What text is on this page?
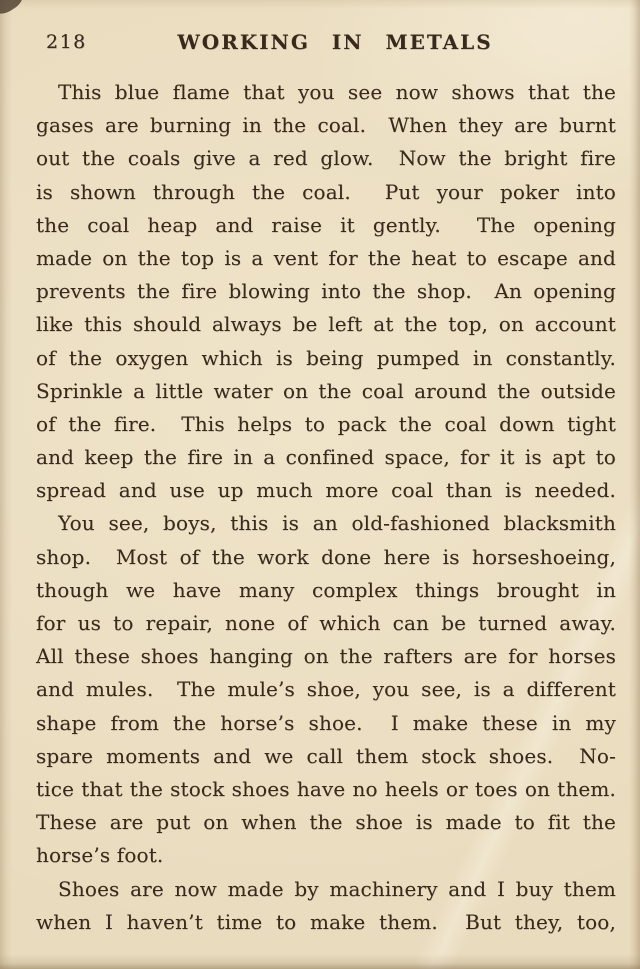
218	WORKING IN METALS
This blue flame that you see now shows that the
gases are burning in the coal.  When they are burnt
out the coals give a red glow.  Now the bright fire
is shown through the coal.  Put your poker into
the coal heap and raise it gently.  The opening
made on the top is a vent for the heat to escape and
prevents the fire blowing into the shop.  An opening
like this should always be left at the top, on account
of the oxygen which is being pumped in constantly.
Sprinkle a little water on the coal around the outside
of the fire.  This helps to pack the coal down tight
and keep the fire in a confined space, for it is apt to
spread and use up much more coal than is needed.
You see, boys, this is an old-fashioned blacksmith
shop.  Most of the work done here is horseshoeing,
though we have many complex things brought in
for us to repair, none of which can be turned away.
All these shoes hanging on the rafters are for horses
and mules.  The mule’s shoe, you see, is a different
shape from the horse’s shoe.  I make these in my
spare moments and we call them stock shoes.  No-
tice that the stock shoes have no heels or toes on them.
These are put on when the shoe is made to fit the
horse’s foot.
Shoes are now made by machinery and I buy them
when I haven’t time to make them.  But they, too,
